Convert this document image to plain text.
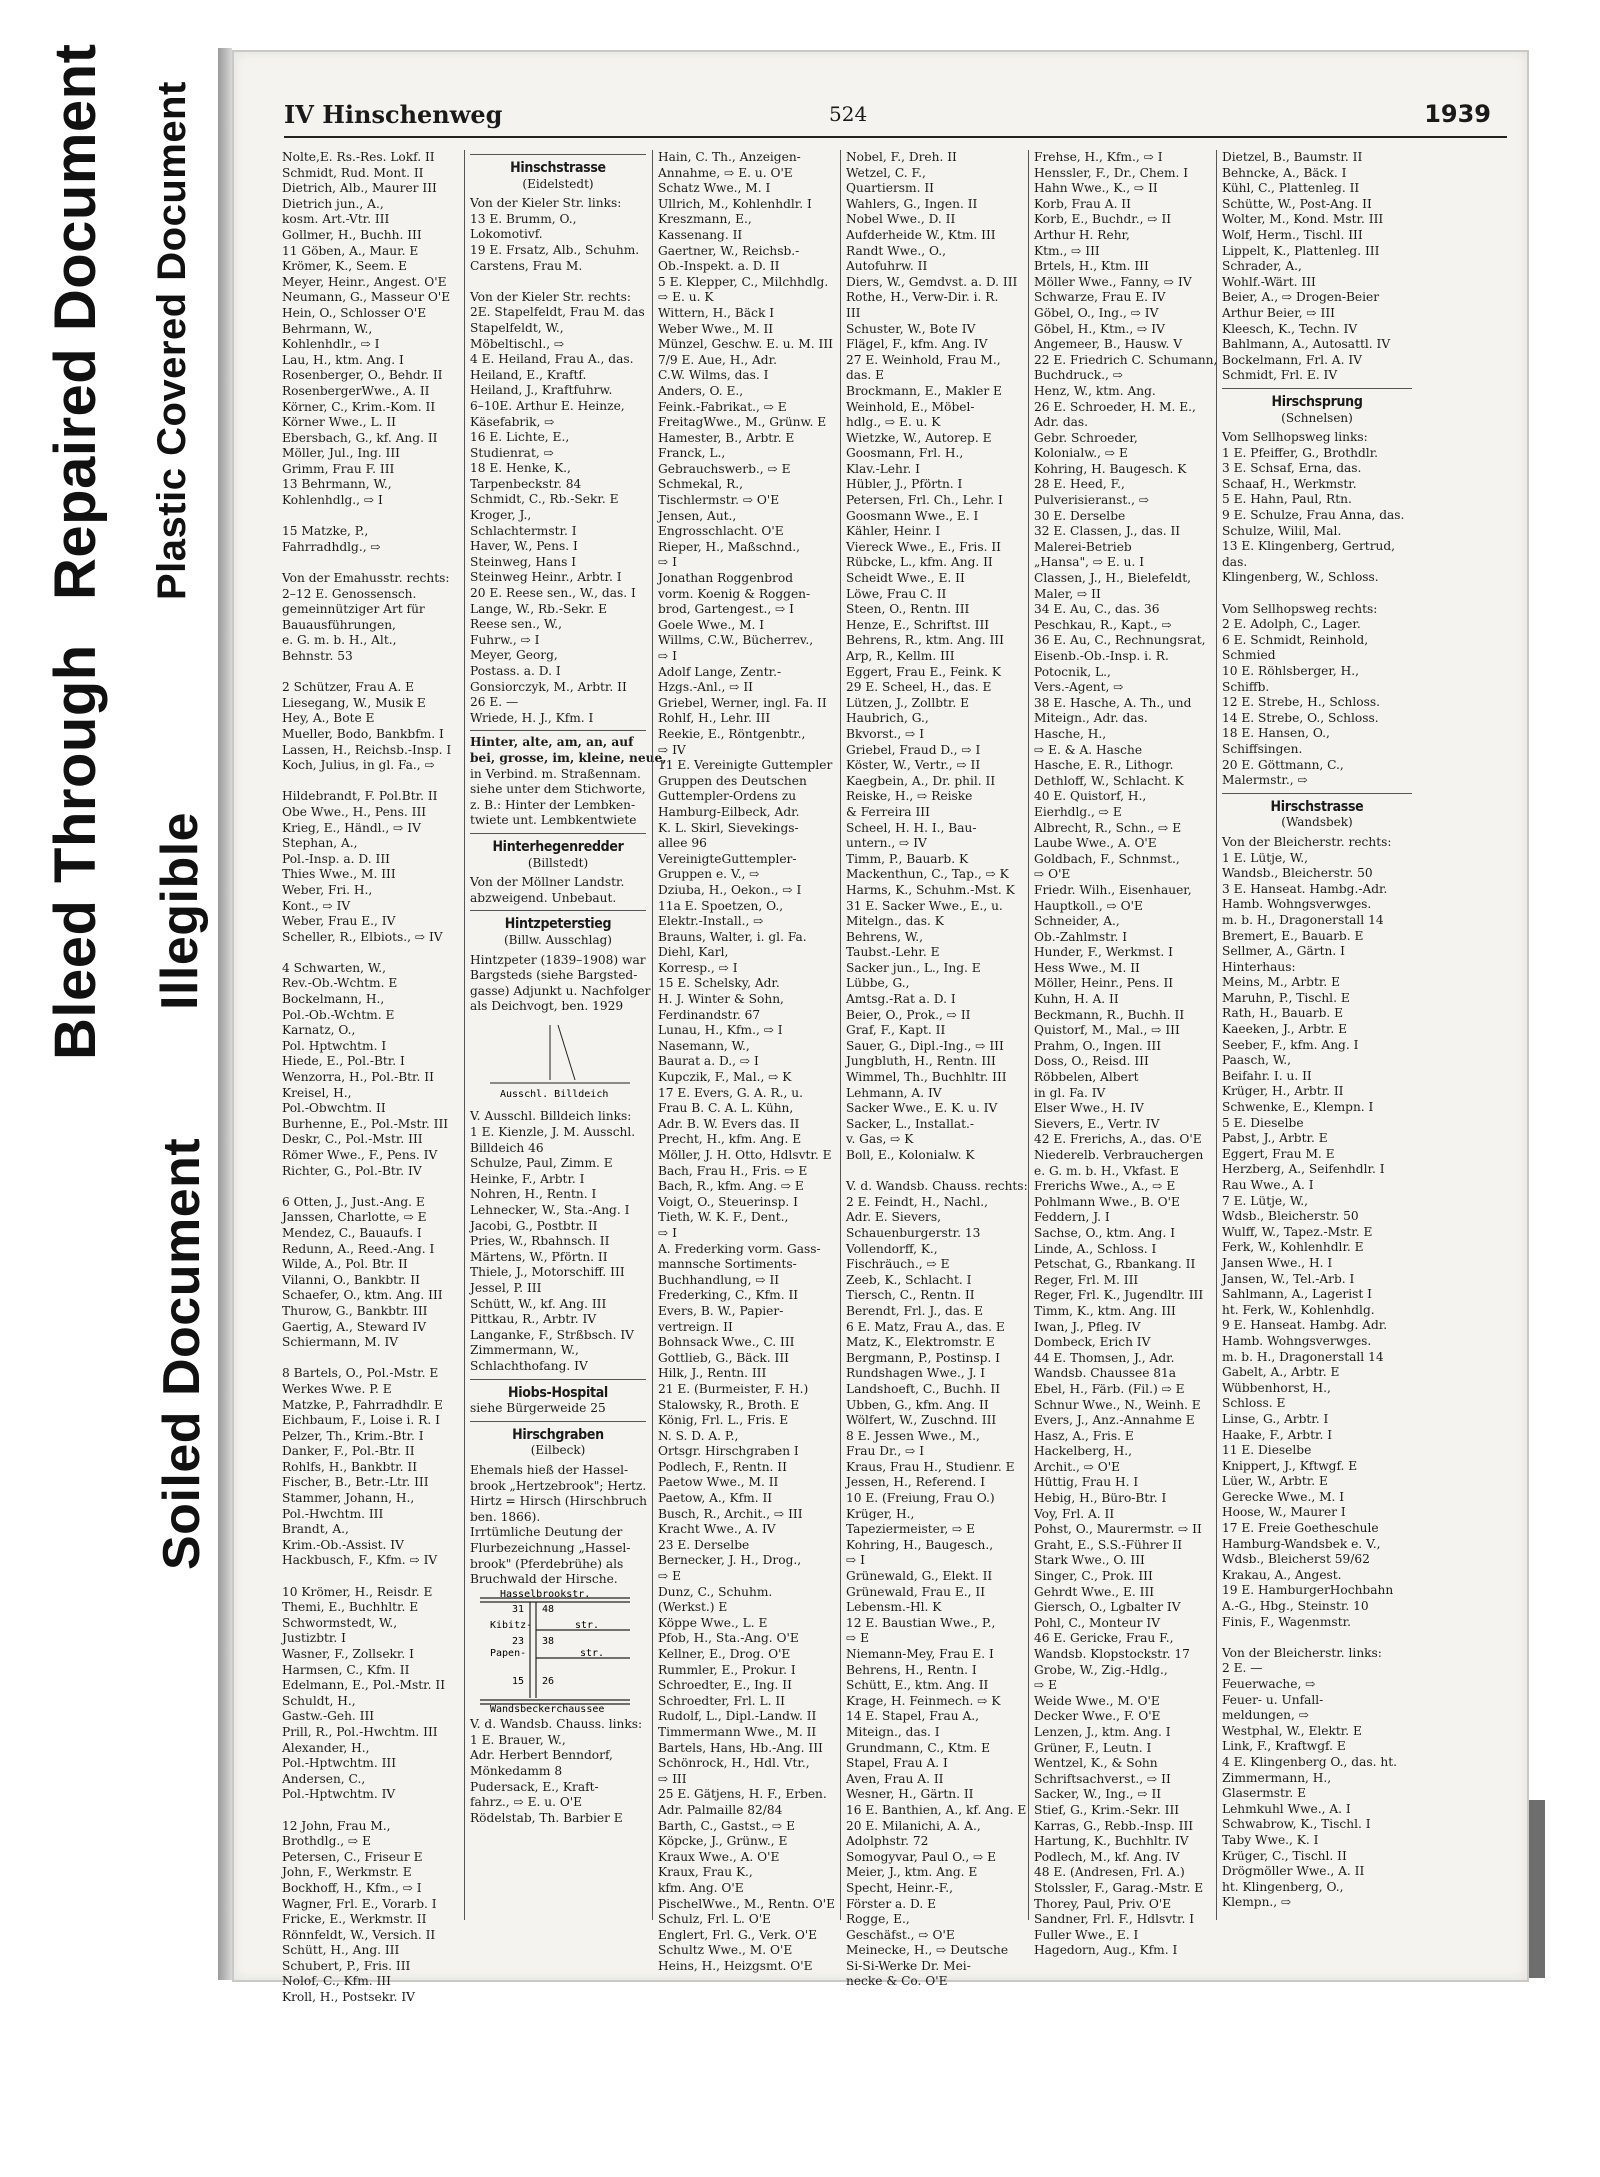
Bleed Through
Repaired Document Plastic Covered Document
Illegible
Soiled Document
IV Hinschenweg	524	1939
Nolte,E. Rs.-Res. Lokf. II
Schmidt, Rud. Mont. II
Dietrich, Alb., Maurer III
Dietrich jun., A.,
kosm. Art.-Vtr. III
Gollmer, H., Buchh. III
11 Göben, A., Maur. E
Krömer, K., Seem. E
Meyer, Heinr., Angest. O'E
Neumann, G., Masseur O'E
Hein, O., Schlosser O'E
Behrmann, W.,
Kohlenhdlr., ⇨ I
Lau, H., ktm. Ang. I
Rosenberger, O., Behdr. II
RosenbergerWwe., A. II
Körner, C., Krim.-Kom. II
Körner Wwe., L. II
Ebersbach, G., kf. Ang. II
Möller, Jul., Ing. III
Grimm, Frau F. III
13 Behrmann, W.,
Kohlenhdlg., ⇨ I

15 Matzke, P.,
Fahrradhdlg., ⇨

Von der Emahusstr. rechts:
2–12 E. Genossensch.
gemeinnütziger Art für
Bauausführungen,
e. G. m. b. H., Alt.,
Behnstr. 53

2 Schützer, Frau A. E
Liesegang, W., Musik E
Hey, A., Bote E
Mueller, Bodo, Bankbfm. I
Lassen, H., Reichsb.-Insp. I
Koch, Julius, in gl. Fa., ⇨

Hildebrandt, F. Pol.Btr. II
Obe Wwe., H., Pens. III
Krieg, E., Händl., ⇨ IV
Stephan, A.,
Pol.-Insp. a. D. III
Thies Wwe., M. III
Weber, Fri. H.,
Kont., ⇨ IV
Weber, Frau E., IV
Scheller, R., Elbiots., ⇨ IV

4 Schwarten, W.,
Rev.-Ob.-Wchtm. E
Bockelmann, H.,
Pol.-Ob.-Wchtm. E
Karnatz, O.,
Pol. Hptwchtm. I
Hiede, E., Pol.-Btr. I
Wenzorra, H., Pol.-Btr. II
Kreisel, H.,
Pol.-Obwchtm. II
Burhenne, E., Pol.-Mstr. III
Deskr, C., Pol.-Mstr. III
Römer Wwe., F., Pens. IV
Richter, G., Pol.-Btr. IV

6 Otten, J., Just.-Ang. E
Janssen, Charlotte, ⇨ E
Mendez, C., Bauaufs. I
Redunn, A., Reed.-Ang. I
Wilde, A., Pol. Btr. II
Vilanni, O., Bankbtr. II
Schaefer, O., ktm. Ang. III
Thurow, G., Bankbtr. III
Gaertig, A., Steward IV
Schiermann, M. IV

8 Bartels, O., Pol.-Mstr. E
Werkes Wwe. P. E
Matzke, P., Fahrradhdlr. E
Eichbaum, F., Loise i. R. I
Pelzer, Th., Krim.-Btr. I
Danker, F., Pol.-Btr. II
Rohlfs, H., Bankbtr. II
Fischer, B., Betr.-Ltr. III
Stammer, Johann, H.,
Pol.-Hwchtm. III
Brandt, A.,
Krim.-Ob.-Assist. IV
Hackbusch, F., Kfm. ⇨ IV

10 Krömer, H., Reisdr. E
Themi, E., Buchhltr. E
Schwormstedt, W.,
Justizbtr. I
Wasner, F., Zollsekr. I
Harmsen, C., Kfm. II
Edelmann, E., Pol.-Mstr. II
Schuldt, H.,
Gastw.-Geh. III
Prill, R., Pol.-Hwchtm. III
Alexander, H.,
Pol.-Hptwchtm. III
Andersen, C.,
Pol.-Hptwchtm. IV

12 John, Frau M.,
Brothdlg., ⇨ E
Petersen, C., Friseur E
John, F., Werkmstr. E
Bockhoff, H., Kfm., ⇨ I
Wagner, Frl. E., Vorarb. I
Fricke, E., Werkmstr. II
Rönnfeldt, W., Versich. II
Schütt, H., Ang. III
Schubert, P., Fris. III
Nolof, C., Kfm. III
Kroll, H., Postsekr. IV
Hinschstrasse
(Eidelstedt)
Von der Kieler Str. links:
13 E. Brumm, O.,
Lokomotivf.
19 E. Frsatz, Alb., Schuhm.
Carstens, Frau M.

Von der Kieler Str. rechts:
2E. Stapelfeldt, Frau M. das
Stapelfeldt, W.,
Möbeltischl., ⇨
4 E. Heiland, Frau A., das.
Heiland, E., Kraftf.
Heiland, J., Kraftfuhrw.
6–10E. Arthur E. Heinze,
Käsefabrik, ⇨
16 E. Lichte, E.,
Studienrat, ⇨
18 E. Henke, K.,
Tarpenbeckstr. 84
Schmidt, C., Rb.-Sekr. E
Kroger, J.,
Schlachtermstr. I
Haver, W., Pens. I
Steinweg, Hans I
Steinweg Heinr., Arbtr. I
20 E. Reese sen., W., das. I
Lange, W., Rb.-Sekr. E
Reese sen., W.,
Fuhrw., ⇨ I
Meyer, Georg,
Postass. a. D. I
Gonsiorczyk, M., Arbtr. II
26 E. —
Wriede, H. J., Kfm. I
Hinter, alte, am, an, auf
bei, grosse, im, kleine, neue,
in Verbind. m. Straßennam.
siehe unter dem Stichworte,
z. B.: Hinter der Lembken-
twiete unt. Lembkentwiete
Hinterhegenredder
(Billstedt)
Von der Möllner Landstr.
abzweigend. Unbebaut.
Hintzpeterstieg
(Billw. Ausschlag)
Hintzpeter (1839–1908) war
Bargsteds (siehe Bargsted-
gasse) Adjunkt u. Nachfolger
als Deichvogt, ben. 1929
Ausschl. Billdeich
V. Ausschl. Billdeich links:
1 E. Kienzle, J. M. Ausschl.
Billdeich 46
Schulze, Paul, Zimm. E
Heinke, F., Arbtr. I
Nohren, H., Rentn. I
Lehnecker, W., Sta.-Ang. I
Jacobi, G., Postbtr. II
Pries, W., Rbahnsch. II
Märtens, W., Pförtn. II
Thiele, J., Motorschiff. III
Jessel, P. III
Schütt, W., kf. Ang. III
Pittkau, R., Arbtr. IV
Langanke, F., Strßbsch. IV
Zimmermann, W.,
Schlachthofang. IV
Hiobs-Hospital
siehe Bürgerweide 25
Hirschgraben
(Eilbeck)
Ehemals hieß der Hassel-
brook „Hertzebrook"; Hertz.
Hirtz = Hirsch (Hirschbruch
ben. 1866).
Irrtümliche Deutung der
Flurbezeichnung „Hassel-
brook" (Pferdebrühe) als
Bruchwald der Hirsche.
Hasselbrookstr.
Kibitz-	str.
Papen-	str.
Wandsbeckerchaussee
31 48
23 38
15 26
V. d. Wandsb. Chauss. links:
1 E. Brauer, W.,
Adr. Herbert Benndorf,
Mönkedamm 8
Pudersack, E., Kraft-
fahrz., ⇨ E. u. O'E
Rödelstab, Th. Barbier E
Hain, C. Th., Anzeigen-
Annahme, ⇨ E. u. O'E
Schatz Wwe., M. I
Ullrich, M., Kohlenhdlr. I
Kreszmann, E.,
Kassenang. II
Gaertner, W., Reichsb.-
Ob.-Inspekt. a. D. II
5 E. Klepper, C., Milchhdlg.
⇨ E. u. K
Wittern, H., Bäck I
Weber Wwe., M. II
Münzel, Geschw. E. u. M. III
7/9 E. Aue, H., Adr.
C.W. Wilms, das. I
Anders, O. E.,
Feink.-Fabrikat., ⇨ E
FreitagWwe., M., Grünw. E
Hamester, B., Arbtr. E
Franck, L.,
Gebrauchswerb., ⇨ E
Schmekal, R.,
Tischlermstr. ⇨ O'E
Jensen, Aut.,
Engrosschlacht. O'E
Rieper, H., Maßschnd.,
⇨ I
Jonathan Roggenbrod
vorm. Koenig & Roggen-
brod, Gartengest., ⇨ I
Goele Wwe., M. I
Willms, C.W., Bücherrev.,
⇨ I
Adolf Lange, Zentr.-
Hzgs.-Anl., ⇨ II
Griebel, Werner, ingl. Fa. II
Rohlf, H., Lehr. III
Reekie, E., Röntgenbtr.,
⇨ IV
11 E. Vereinigte Guttempler
Gruppen des Deutschen
Guttempler-Ordens zu
Hamburg-Eilbeck, Adr.
K. L. Skirl, Sievekings-
allee 96
VereinigteGuttempler-
Gruppen e. V., ⇨
Dziuba, H., Oekon., ⇨ I
11a E. Spoetzen, O.,
Elektr.-Install., ⇨
Brauns, Walter, i. gl. Fa.
Diehl, Karl,
Korresp., ⇨ I
15 E. Schelsky, Adr.
H. J. Winter & Sohn,
Ferdinandstr. 67
Lunau, H., Kfm., ⇨ I
Nasemann, W.,
Baurat a. D., ⇨ I
Kupczik, F., Mal., ⇨ K
17 E. Evers, G. A. R., u.
Frau B. C. A. L. Kühn,
Adr. B. W. Evers das. II
Precht, H., kfm. Ang. E
Möller, J. H. Otto, Hdlsvtr. E
Bach, Frau H., Fris. ⇨ E
Bach, R., kfm. Ang. ⇨ E
Voigt, O., Steuerinsp. I
Tieth, W. K. F., Dent.,
⇨ I
A. Frederking vorm. Gass-
mannsche Sortiments-
Buchhandlung, ⇨ II
Frederking, C., Kfm. II
Evers, B. W., Papier-
vertreign. II
Bohnsack Wwe., C. III
Gottlieb, G., Bäck. III
Hilk, J., Rentn. III
21 E. (Burmeister, F. H.)
Stalowsky, R., Broth. E
König, Frl. L., Fris. E
N. S. D. A. P.,
Ortsgr. Hirschgraben I
Podlech, F., Rentn. II
Paetow Wwe., M. II
Paetow, A., Kfm. II
Busch, R., Archit., ⇨ III
Kracht Wwe., A. IV
23 E. Derselbe
Bernecker, J. H., Drog.,
⇨ E
Dunz, C., Schuhm.
(Werkst.) E
Köppe Wwe., L. E
Pfob, H., Sta.-Ang. O'E
Kellner, E., Drog. O'E
Rummler, E., Prokur. I
Schroedter, E., Ing. II
Schroedter, Frl. L. II
Rudolf, L., Dipl.-Landw. II
Timmermann Wwe., M. II
Bartels, Hans, Hb.-Ang. III
Schönrock, H., Hdl. Vtr.,
⇨ III
25 E. Gätjens, H. F., Erben.
Adr. Palmaille 82/84
Barth, C., Gastst., ⇨ E
Köpcke, J., Grünw., E
Kraux Wwe., A. O'E
Kraux, Frau K.,
kfm. Ang. O'E
PischelWwe., M., Rentn. O'E
Schulz, Frl. L. O'E
Englert, Frl. G., Verk. O'E
Schultz Wwe., M. O'E
Heins, H., Heizgsmt. O'E
Nobel, F., Dreh. II
Wetzel, C. F.,
Quartiersm. II
Wahlers, G., Ingen. II
Nobel Wwe., D. II
Aufderheide W., Ktm. III
Randt Wwe., O.,
Autofuhrw. II
Diers, W., Gemdvst. a. D. III
Rothe, H., Verw-Dir. i. R.
III
Schuster, W., Bote IV
Flägel, F., kfm. Ang. IV
27 E. Weinhold, Frau M.,
das. E
Brockmann, E., Makler E
Weinhold, E., Möbel-
hdlg., ⇨ E. u. K
Wietzke, W., Autorep. E
Goosmann, Frl. H.,
Klav.-Lehr. I
Hübler, J., Pförtn. I
Petersen, Frl. Ch., Lehr. I
Goosmann Wwe., E. I
Kähler, Heinr. I
Viereck Wwe., E., Fris. II
Rübcke, L., kfm. Ang. II
Scheidt Wwe., E. II
Löwe, Frau C. II
Steen, O., Rentn. III
Henze, E., Schriftst. III
Behrens, R., ktm. Ang. III
Arp, R., Kellm. III
Eggert, Frau E., Feink. K
29 E. Scheel, H., das. E
Lützen, J., Zollbtr. E
Haubrich, G.,
Bkvorst., ⇨ I
Griebel, Fraud D., ⇨ I
Köster, W., Vertr., ⇨ II
Kaegbein, A., Dr. phil. II
Reiske, H., ⇨ Reiske
& Ferreira III
Scheel, H. H. I., Bau-
untern., ⇨ IV
Timm, P., Bauarb. K
Mackenthun, C., Tap., ⇨ K
Harms, K., Schuhm.-Mst. K
31 E. Sacker Wwe., E., u.
Mitelgn., das. K
Behrens, W.,
Taubst.-Lehr. E
Sacker jun., L., Ing. E
Lübbe, G.,
Amtsg.-Rat a. D. I
Beier, O., Prok., ⇨ II
Graf, F., Kapt. II
Sauer, G., Dipl.-Ing., ⇨ III
Jungbluth, H., Rentn. III
Wimmel, Th., Buchhltr. III
Lehmann, A. IV
Sacker Wwe., E. K. u. IV
Sacker, L., Installat.-
v. Gas, ⇨ K
Boll, E., Kolonialw. K

V. d. Wandsb. Chauss. rechts:
2 E. Feindt, H., Nachl.,
Adr. E. Sievers,
Schauenburgerstr. 13
Vollendorff, K.,
Fischräuch., ⇨ E
Zeeb, K., Schlacht. I
Tiersch, C., Rentn. II
Berendt, Frl. J., das. E
6 E. Matz, Frau A., das. E
Matz, K., Elektromstr. E
Bergmann, P., Postinsp. I
Rundshagen Wwe., J. I
Landshoeft, C., Buchh. II
Ubben, G., kfm. Ang. II
Wölfert, W., Zuschnd. III
8 E. Jessen Wwe., M.,
Frau Dr., ⇨ I
Kraus, Frau H., Studienr. E
Jessen, H., Referend. I
10 E. (Freiung, Frau O.)
Krüger, H.,
Tapeziermeister, ⇨ E
Kohring, H., Baugesch.,
⇨ I
Grünewald, G., Elekt. II
Grünewald, Frau E., II
Lebensm.-Hl. K
12 E. Baustian Wwe., P.,
⇨ E
Niemann-Mey, Frau E. I
Behrens, H., Rentn. I
Schütt, E., ktm. Ang. II
Krage, H. Feinmech. ⇨ K
14 E. Stapel, Frau A.,
Miteign., das. I
Grundmann, C., Ktm. E
Stapel, Frau A. I
Aven, Frau A. II
Wesner, H., Gärtn. II
16 E. Banthien, A., kf. Ang. E
20 E. Milanichi, A. A.,
Adolphstr. 72
Somogyvar, Paul O., ⇨ E
Meier, J., ktm. Ang. E
Specht, Heinr.-F.,
Förster a. D. E
Rogge, E.,
Geschäfst., ⇨ O'E
Meinecke, H., ⇨ Deutsche
Si-Si-Werke Dr. Mei-
necke & Co. O'E
Frehse, H., Kfm., ⇨ I
Henssler, F., Dr., Chem. I
Hahn Wwe., K., ⇨ II
Korb, Frau A. II
Korb, E., Buchdr., ⇨ II
Arthur H. Rehr,
Ktm., ⇨ III
Brtels, H., Ktm. III
Möller Wwe., Fanny, ⇨ IV
Schwarze, Frau E. IV
Göbel, O., Ing., ⇨ IV
Göbel, H., Ktm., ⇨ IV
Angemeer, B., Hausw. V
22 E. Friedrich C. Schumann,
Buchdruck., ⇨
Henz, W., ktm. Ang.
26 E. Schroeder, H. M. E.,
Adr. das.
Gebr. Schroeder,
Kolonialw., ⇨ E
Kohring, H. Baugesch. K
28 E. Heed, F.,
Pulverisieranst., ⇨
30 E. Derselbe
32 E. Classen, J., das. II
Malerei-Betrieb
„Hansa", ⇨ E. u. I
Classen, J., H., Bielefeldt,
Maler, ⇨ II
34 E. Au, C., das. 36
Peschkau, R., Kapt., ⇨
36 E. Au, C., Rechnungsrat,
Eisenb.-Ob.-Insp. i. R.
Potocnik, L.,
Vers.-Agent, ⇨
38 E. Hasche, A. Th., und
Miteign., Adr. das.
Hasche, H.,
⇨ E. & A. Hasche
Hasche, E. R., Lithogr.
Dethloff, W., Schlacht. K
40 E. Quistorf, H.,
Eierhdlg., ⇨ E
Albrecht, R., Schn., ⇨ E
Laube Wwe., A. O'E
Goldbach, F., Schnmst.,
⇨ O'E
Friedr. Wilh., Eisenhauer,
Hauptkoll., ⇨ O'E
Schneider, A.,
Ob.-Zahlmstr. I
Hunder, F., Werkmst. I
Hess Wwe., M. II
Möller, Heinr., Pens. II
Kuhn, H. A. II
Beckmann, R., Buchh. II
Quistorf, M., Mal., ⇨ III
Prahm, O., Ingen. III
Doss, O., Reisd. III
Röbbelen, Albert
in gl. Fa. IV
Elser Wwe., H. IV
Sievers, E., Vertr. IV
42 E. Frerichs, A., das. O'E
Niederelb. Verbrauchergen
e. G. m. b. H., Vkfast. E
Frerichs Wwe., A., ⇨ E
Pohlmann Wwe., B. O'E
Feddern, J. I
Sachse, O., ktm. Ang. I
Linde, A., Schloss. I
Petschat, G., Rbankang. II
Reger, Frl. M. III
Reger, Frl. K., Jugendltr. III
Timm, K., ktm. Ang. III
Iwan, J., Pfleg. IV
Dombeck, Erich IV
44 E. Thomsen, J., Adr.
Wandsb. Chaussee 81a
Ebel, H., Färb. (Fil.) ⇨ E
Schnur Wwe., N., Weinh. E
Evers, J., Anz.-Annahme E
Hasz, A., Fris. E
Hackelberg, H.,
Archit., ⇨ O'E
Hüttig, Frau H. I
Hebig, H., Büro-Btr. I
Voy, Frl. A. II
Pohst, O., Maurermstr. ⇨ II
Graht, E., S.S.-Führer II
Stark Wwe., O. III
Singer, C., Prok. III
Gehrdt Wwe., E. III
Giersch, O., Lgbalter IV
Pohl, C., Monteur IV
46 E. Gericke, Frau F.,
Wandsb. Klopstockstr. 17
Grobe, W., Zig.-Hdlg.,
⇨ E
Weide Wwe., M. O'E
Decker Wwe., F. O'E
Lenzen, J., ktm. Ang. I
Grüner, F., Leutn. I
Wentzel, K., & Sohn
Schriftsachverst., ⇨ II
Sacker, W., Ing., ⇨ II
Stief, G., Krim.-Sekr. III
Karras, G., Rebb.-Insp. III
Hartung, K., Buchhltr. IV
Podlech, M., kf. Ang. IV
48 E. (Andresen, Frl. A.)
Stolssler, F., Garag.-Mstr. E
Thorey, Paul, Priv. O'E
Sandner, Frl. F., Hdlsvtr. I
Fuller Wwe., E. I
Hagedorn, Aug., Kfm. I
Dietzel, B., Baumstr. II
Behncke, A., Bäck. I
Kühl, C., Plattenleg. II
Schütte, W., Post-Ang. II
Wolter, M., Kond. Mstr. III
Wolf, Herm., Tischl. III
Lippelt, K., Plattenleg. III
Schrader, A.,
Wohlf.-Wärt. III
Beier, A., ⇨ Drogen-Beier
Arthur Beier, ⇨ III
Kleesch, K., Techn. IV
Bahlmann, A., Autosattl. IV
Bockelmann, Frl. A. IV
Schmidt, Frl. E. IV
Hirschsprung
(Schnelsen)
Vom Sellhopsweg links:
1 E. Pfeiffer, G., Brothdlr.
3 E. Schsaf, Erna, das.
Schaaf, H., Werkmstr.
5 E. Hahn, Paul, Rtn.
9 E. Schulze, Frau Anna, das.
Schulze, Wilil, Mal.
13 E. Klingenberg, Gertrud,
das.
Klingenberg, W., Schloss.

Vom Sellhopsweg rechts:
2 E. Adolph, C., Lager.
6 E. Schmidt, Reinhold,
Schmied
10 E. Röhlsberger, H.,
Schiffb.
12 E. Strebe, H., Schloss.
14 E. Strebe, O., Schloss.
18 E. Hansen, O.,
Schiffsingen.
20 E. Göttmann, C.,
Malermstr., ⇨
Hirschstrasse
(Wandsbek)
Von der Bleicherstr. rechts:
1 E. Lütje, W.,
Wandsb., Bleicherstr. 50
3 E. Hanseat. Hambg.-Adr.
Hamb. Wohngsverwges.
m. b. H., Dragonerstall 14
Bremert, E., Bauarb. E
Sellmer, A., Gärtn. I
Hinterhaus:
Meins, M., Arbtr. E
Maruhn, P., Tischl. E
Rath, H., Bauarb. E
Kaeeken, J., Arbtr. E
Seeber, F., kfm. Ang. I
Paasch, W.,
Beifahr. I. u. II
Krüger, H., Arbtr. II
Schwenke, E., Klempn. I
5 E. Dieselbe
Pabst, J., Arbtr. E
Eggert, Frau M. E
Herzberg, A., Seifenhdlr. I
Rau Wwe., A. I
7 E. Lütje, W.,
Wdsb., Bleicherstr. 50
Wulff, W., Tapez.-Mstr. E
Ferk, W., Kohlenhdlr. E
Jansen Wwe., H. I
Jansen, W., Tel.-Arb. I
Sahlmann, A., Lagerist I
ht. Ferk, W., Kohlenhdlg.
9 E. Hanseat. Hambg. Adr.
Hamb. Wohngsverwges.
m. b. H., Dragonerstall 14
Gabelt, A., Arbtr. E
Wübbenhorst, H.,
Schloss. E
Linse, G., Arbtr. I
Haake, F., Arbtr. I
11 E. Dieselbe
Knippert, J., Kftwgf. E
Lüer, W., Arbtr. E
Gerecke Wwe., M. I
Hoose, W., Maurer I
17 E. Freie Goetheschule
Hamburg-Wandsbek e. V.,
Wdsb., Bleicherst 59/62
Krakau, A., Angest.
19 E. HamburgerHochbahn
A.-G., Hbg., Steinstr. 10
Finis, F., Wagenmstr.

Von der Bleicherstr. links:
2 E. —
Feuerwache, ⇨
Feuer- u. Unfall-
meldungen, ⇨
Westphal, W., Elektr. E
Link, F., Kraftwgf. E
4 E. Klingenberg O., das. ht.
Zimmermann, H.,
Glasermstr. E
Lehmkuhl Wwe., A. I
Schwabrow, K., Tischl. I
Taby Wwe., K. I
Krüger, C., Tischl. II
Drögmöller Wwe., A. II
ht. Klingenberg, O.,
Klempn., ⇨
